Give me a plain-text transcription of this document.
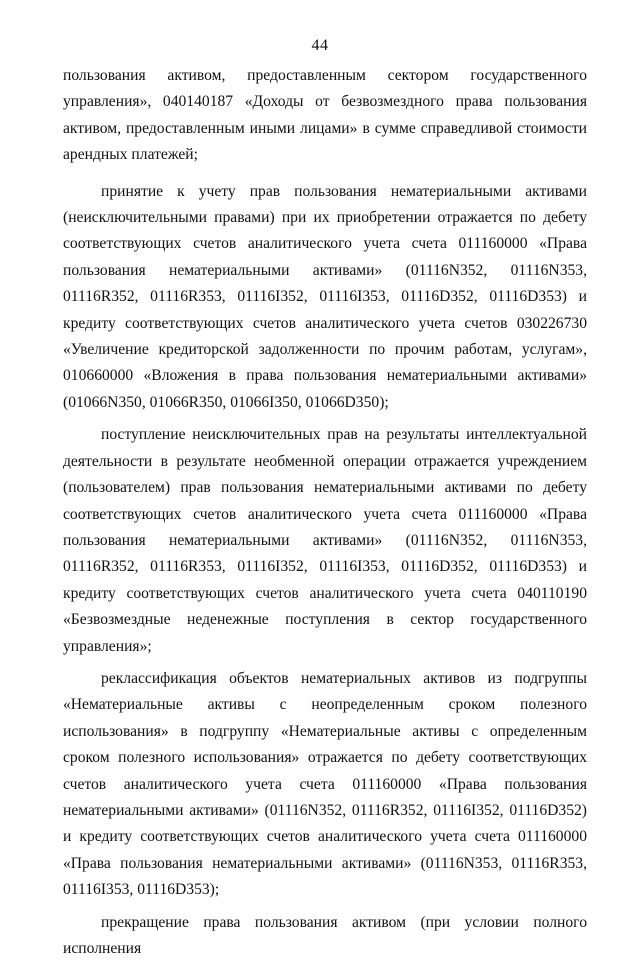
44

пользования активом, предоставленным сектором государственного управления», 040140187 «Доходы от безвозмездного права пользования активом, предоставленным иными лицами» в сумме справедливой стоимости арендных платежей;

принятие к учету прав пользования нематериальными активами (неисключительными правами) при их приобретении отражается по дебету соответствующих счетов аналитического учета счета 011160000 «Права пользования нематериальными активами» (01116N352, 01116N353, 01116R352, 01116R353, 01116I352, 01116I353, 01116D352, 01116D353) и кредиту соответствующих счетов аналитического учета счетов 030226730 «Увеличение кредиторской задолженности по прочим работам, услугам», 010660000 «Вложения в права пользования нематериальными активами» (01066N350, 01066R350, 01066I350, 01066D350);

поступление неисключительных прав на результаты интеллектуальной деятельности в результате необменной операции отражается учреждением (пользователем) прав пользования нематериальными активами по дебету соответствующих счетов аналитического учета счета 011160000 «Права пользования нематериальными активами» (01116N352, 01116N353, 01116R352, 01116R353, 01116I352, 01116I353, 01116D352, 01116D353) и кредиту соответствующих счетов аналитического учета счета 040110190 «Безвозмездные неденежные поступления в сектор государственного управления»;

реклассификация объектов нематериальных активов из подгруппы «Нематериальные активы с неопределенным сроком полезного использования» в подгруппу «Нематериальные активы с определенным сроком полезного использования» отражается по дебету соответствующих счетов аналитического учета счета 011160000 «Права пользования нематериальными активами» (01116N352, 01116R352, 01116I352, 01116D352) и кредиту соответствующих счетов аналитического учета счета 011160000 «Права пользования нематериальными активами» (01116N353, 01116R353, 01116I353, 01116D353);

прекращение права пользования активом (при условии полного исполнения
